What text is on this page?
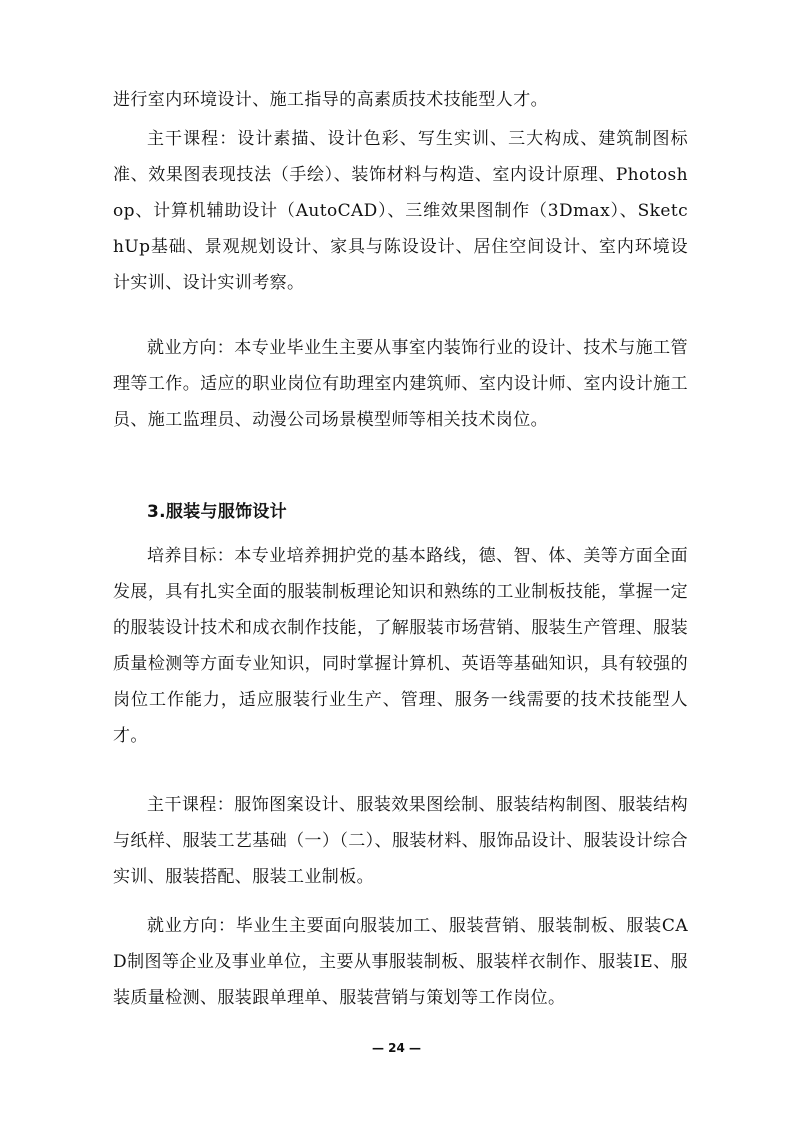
进行室内环境设计、施工指导的高素质技术技能型人才。

主干课程：设计素描、设计色彩、写生实训、三大构成、建筑制图标准、效果图表现技法（手绘）、装饰材料与构造、室内设计原理、Photoshop、计算机辅助设计（AutoCAD）、三维效果图制作（3Dmax）、SketchUp基础、景观规划设计、家具与陈设设计、居住空间设计、室内环境设计实训、设计实训考察。

就业方向：本专业毕业生主要从事室内装饰行业的设计、技术与施工管理等工作。适应的职业岗位有助理室内建筑师、室内设计师、室内设计施工员、施工监理员、动漫公司场景模型师等相关技术岗位。

3.服装与服饰设计

培养目标：本专业培养拥护党的基本路线，德、智、体、美等方面全面发展，具有扎实全面的服装制板理论知识和熟练的工业制板技能，掌握一定的服装设计技术和成衣制作技能，了解服装市场营销、服装生产管理、服装质量检测等方面专业知识，同时掌握计算机、英语等基础知识，具有较强的岗位工作能力，适应服装行业生产、管理、服务一线需要的技术技能型人才。

主干课程：服饰图案设计、服装效果图绘制、服装结构制图、服装结构与纸样、服装工艺基础（一）（二）、服装材料、服饰品设计、服装设计综合实训、服装搭配、服装工业制板。

就业方向：毕业生主要面向服装加工、服装营销、服装制板、服装CAD制图等企业及事业单位，主要从事服装制板、服装样衣制作、服装IE、服装质量检测、服装跟单理单、服装营销与策划等工作岗位。

— 24 —
